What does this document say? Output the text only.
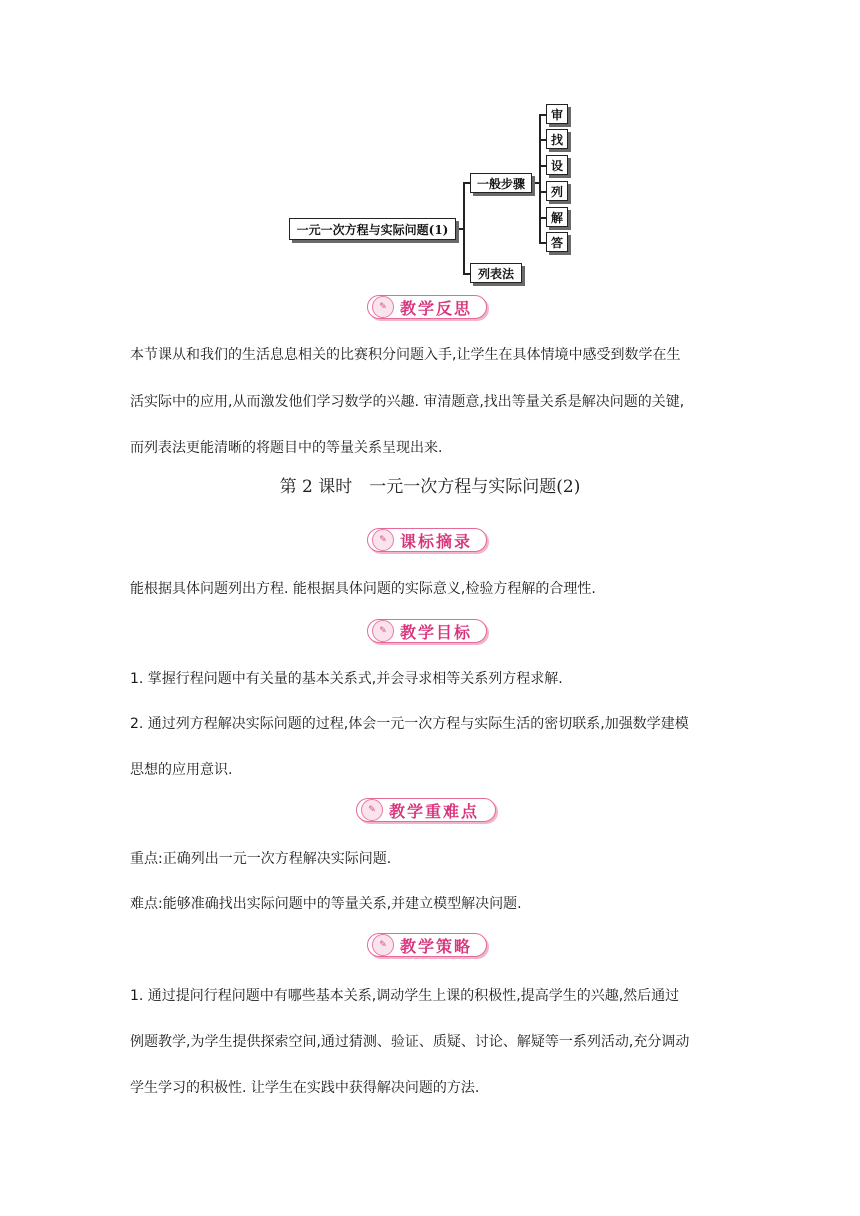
一元一次方程与实际问题(1)
一般步骤
列表法
审
找
设
列
解
答
✎ 教学反思
本节课从和我们的生活息息相关的比赛积分问题入手,让学生在具体情境中感受到数学在生
活实际中的应用,从而激发他们学习数学的兴趣. 审清题意,找出等量关系是解决问题的关键,
而列表法更能清晰的将题目中的等量关系呈现出来.
第 2 课时　一元一次方程与实际问题(2)
✎ 课标摘录
能根据具体问题列出方程. 能根据具体问题的实际意义,检验方程解的合理性.
✎ 教学目标
1. 掌握行程问题中有关量的基本关系式,并会寻求相等关系列方程求解.
2. 通过列方程解决实际问题的过程,体会一元一次方程与实际生活的密切联系,加强数学建模
思想的应用意识.
✎ 教学重难点
重点:正确列出一元一次方程解决实际问题.
难点:能够准确找出实际问题中的等量关系,并建立模型解决问题.
✎ 教学策略
1. 通过提问行程问题中有哪些基本关系,调动学生上课的积极性,提高学生的兴趣,然后通过
例题教学,为学生提供探索空间,通过猜测、验证、质疑、讨论、解疑等一系列活动,充分调动
学生学习的积极性. 让学生在实践中获得解决问题的方法.
